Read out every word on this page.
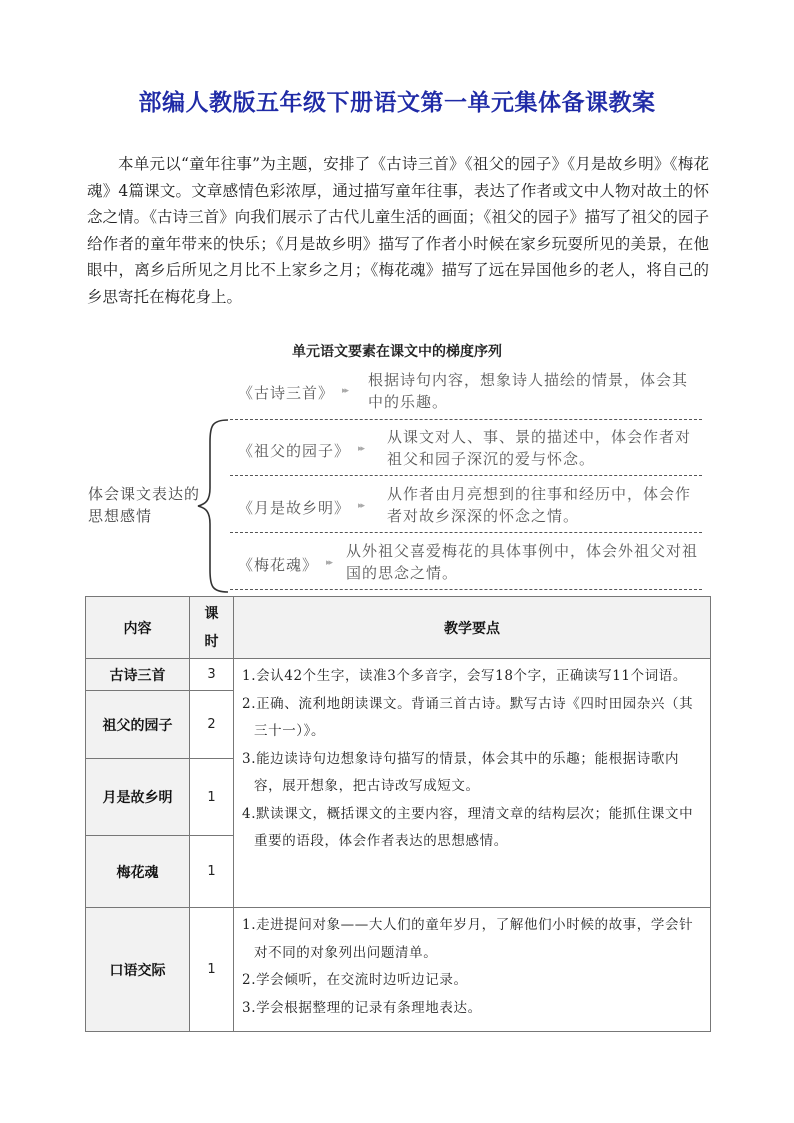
部编人教版五年级下册语文第一单元集体备课教案
本单元以“童年往事”为主题，安排了《古诗三首》《祖父的园子》《月是故乡明》《梅花魂》4篇课文。文章感情色彩浓厚，通过描写童年往事，表达了作者或文中人物对故土的怀念之情。《古诗三首》向我们展示了古代儿童生活的画面；《祖父的园子》描写了祖父的园子给作者的童年带来的快乐；《月是故乡明》描写了作者小时候在家乡玩耍所见的美景，在他眼中，离乡后所见之月比不上家乡之月；《梅花魂》描写了远在异国他乡的老人，将自己的乡思寄托在梅花身上。
单元语文要素在课文中的梯度序列
体会课文表达的思想感情
《古诗三首》 ▸▸
根据诗句内容，想象诗人描绘的情景，体会其中的乐趣。
《祖父的园子》 ▸▸
从课文对人、事、景的描述中，体会作者对祖父和园子深沉的爱与怀念。
《月是故乡明》 ▸▸
从作者由月亮想到的往事和经历中，体会作者对故乡深深的怀念之情。
《梅花魂》 ▸▸
从外祖父喜爱梅花的具体事例中，体会外祖父对祖国的思念之情。
内容	课时	教学要点
古诗三首	3	1.会认42个生字，读准3个多音字，会写18个字，正确读写11个词语。

2.正确、流利地朗读课文。背诵三首古诗。默写古诗《四时田园杂兴（其三十一）》。

3.能边读诗句边想象诗句描写的情景，体会其中的乐趣；能根据诗歌内容，展开想象，把古诗改写成短文。

4.默读课文，概括课文的主要内容，理清文章的结构层次；能抓住课文中重要的语段，体会作者表达的思想感情。

祖父的园子	2	
月是故乡明	1	
梅花魂	1	
口语交际	1	1.走进提问对象——大人们的童年岁月，了解他们小时候的故事，学会针对不同的对象列出问题清单。

2.学会倾听，在交流时边听边记录。

3.学会根据整理的记录有条理地表达。
